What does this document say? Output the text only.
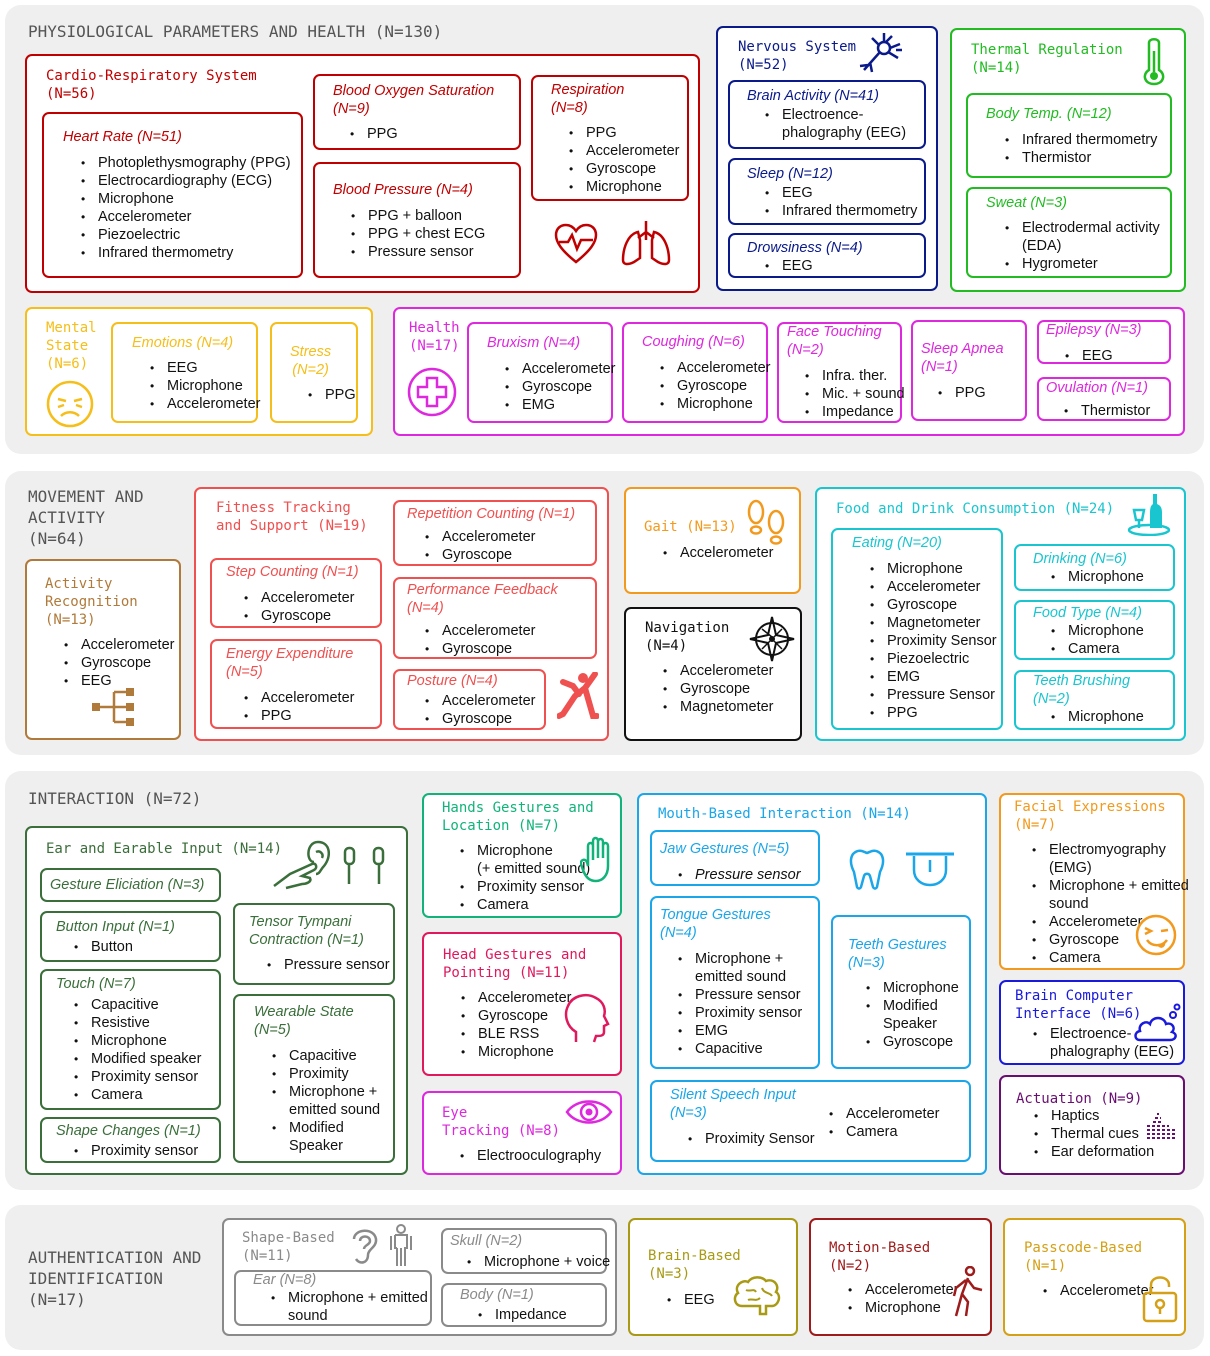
PHYSIOLOGICAL PARAMETERS AND HEALTH (N=130)
Cardio-Respiratory System
(N=56)
Heart Rate (N=51)
• Photoplethysmography (PPG)
• Electrocardiography (ECG)
• Microphone
• Accelerometer
• Piezoelectric
• Infrared thermometry
Blood Oxygen Saturation
(N=9)
• PPG
Respiration
(N=8)
• PPG
• Accelerometer
• Gyroscope
• Microphone
Blood Pressure (N=4)
• PPG + balloon
• PPG + chest ECG
• Pressure sensor
Nervous System
(N=52)
Brain Activity (N=41)
• Electroence-
phalography (EEG)
Sleep (N=12)
• EEG
• Infrared thermometry
Drowsiness (N=4)
• EEG
Thermal Regulation
(N=14)
Body Temp. (N=12)
• Infrared thermometry
• Thermistor
Sweat (N=3)
• Electrodermal activity
(EDA)
• Hygrometer
Mental
State
(N=6)
Emotions (N=4)
• EEG
• Microphone
• Accelerometer
Stress
(N=2)
• PPG
Health
(N=17) Bruxism (N=4)
• Accelerometer
• Gyroscope
• EMG
Coughing (N=6)
• Accelerometer
• Gyroscope
• Microphone
Face Touching
(N=2)
• Infra. ther.
• Mic. + sound
• Impedance
Sleep Apnea
(N=1)
• PPG
Epilepsy (N=3)
• EEG
Ovulation (N=1)
• Thermistor
MOVEMENT AND
ACTIVITY
(N=64)
Activity
Recognition
(N=13)
• Accelerometer
• Gyroscope
• EEG
Fitness Tracking
and Support (N=19)
Step Counting (N=1)
• Accelerometer
• Gyroscope
Energy Expenditure
(N=5)
• Accelerometer
• PPG
Repetition Counting (N=1)
• Accelerometer
• Gyroscope
Performance Feedback
(N=4)
• Accelerometer
• Gyroscope
Posture (N=4)
• Accelerometer
• Gyroscope
Gait (N=13)
• Accelerometer
Navigation
(N=4)
• Accelerometer
• Gyroscope
• Magnetometer
Food and Drink Consumption (N=24)
Eating (N=20)
• Microphone
• Accelerometer
• Gyroscope
• Magnetometer
• Proximity Sensor
• Piezoelectric
• EMG
• Pressure Sensor
• PPG
Drinking (N=6)
• Microphone
Food Type (N=4)
• Microphone
• Camera
Teeth Brushing
(N=2)
• Microphone
INTERACTION (N=72)
Ear and Earable Input (N=14)
Gesture Eliciation (N=3)
Button Input (N=1)
• Button
Touch (N=7)
• Capacitive
• Resistive
• Microphone
• Modified speaker
• Proximity sensor
• Camera
Shape Changes (N=1)
• Proximity sensor
Tensor Tympani
Contraction (N=1)
• Pressure sensor
Wearable State
(N=5)
• Capacitive
• Proximity
• Microphone +
emitted sound
• Modified
Speaker
Hands Gestures and
Location (N=7)
• Microphone
(+ emitted sound)
• Proximity sensor
• Camera
Head Gestures and
Pointing (N=11)
• Accelerometer
• Gyroscope
• BLE RSS
• Microphone
Eye
Tracking (N=8)
• Electrooculography
Mouth-Based Interaction (N=14)
Jaw Gestures (N=5)
• Pressure sensor
Tongue Gestures
(N=4)
• Microphone +
emitted sound
• Pressure sensor
• Proximity sensor
• EMG
• Capacitive
Teeth Gestures
(N=3)
• Microphone
• Modified
Speaker
• Gyroscope
Silent Speech Input
(N=3)
• Proximity Sensor
• Accelerometer
• Camera
Facial Expressions
(N=7)
• Electromyography
(EMG)
• Microphone + emitted
sound
• Accelerometer
• Gyroscope
• Camera
Brain Computer
Interface (N=6)
• Electroence-
phalography (EEG)
Actuation (N=9)
• Haptics
• Thermal cues
• Ear deformation
AUTHENTICATION AND
IDENTIFICATION
(N=17)
Shape-Based
(N=11)
Ear (N=8)
• Microphone + emitted
sound
Skull (N=2)
• Microphone + voice
Body (N=1)
• Impedance
Brain-Based
(N=3)
• EEG
Motion-Based
(N=2)
• Accelerometer
• Microphone
Passcode-Based
(N=1)
• Accelerometer
